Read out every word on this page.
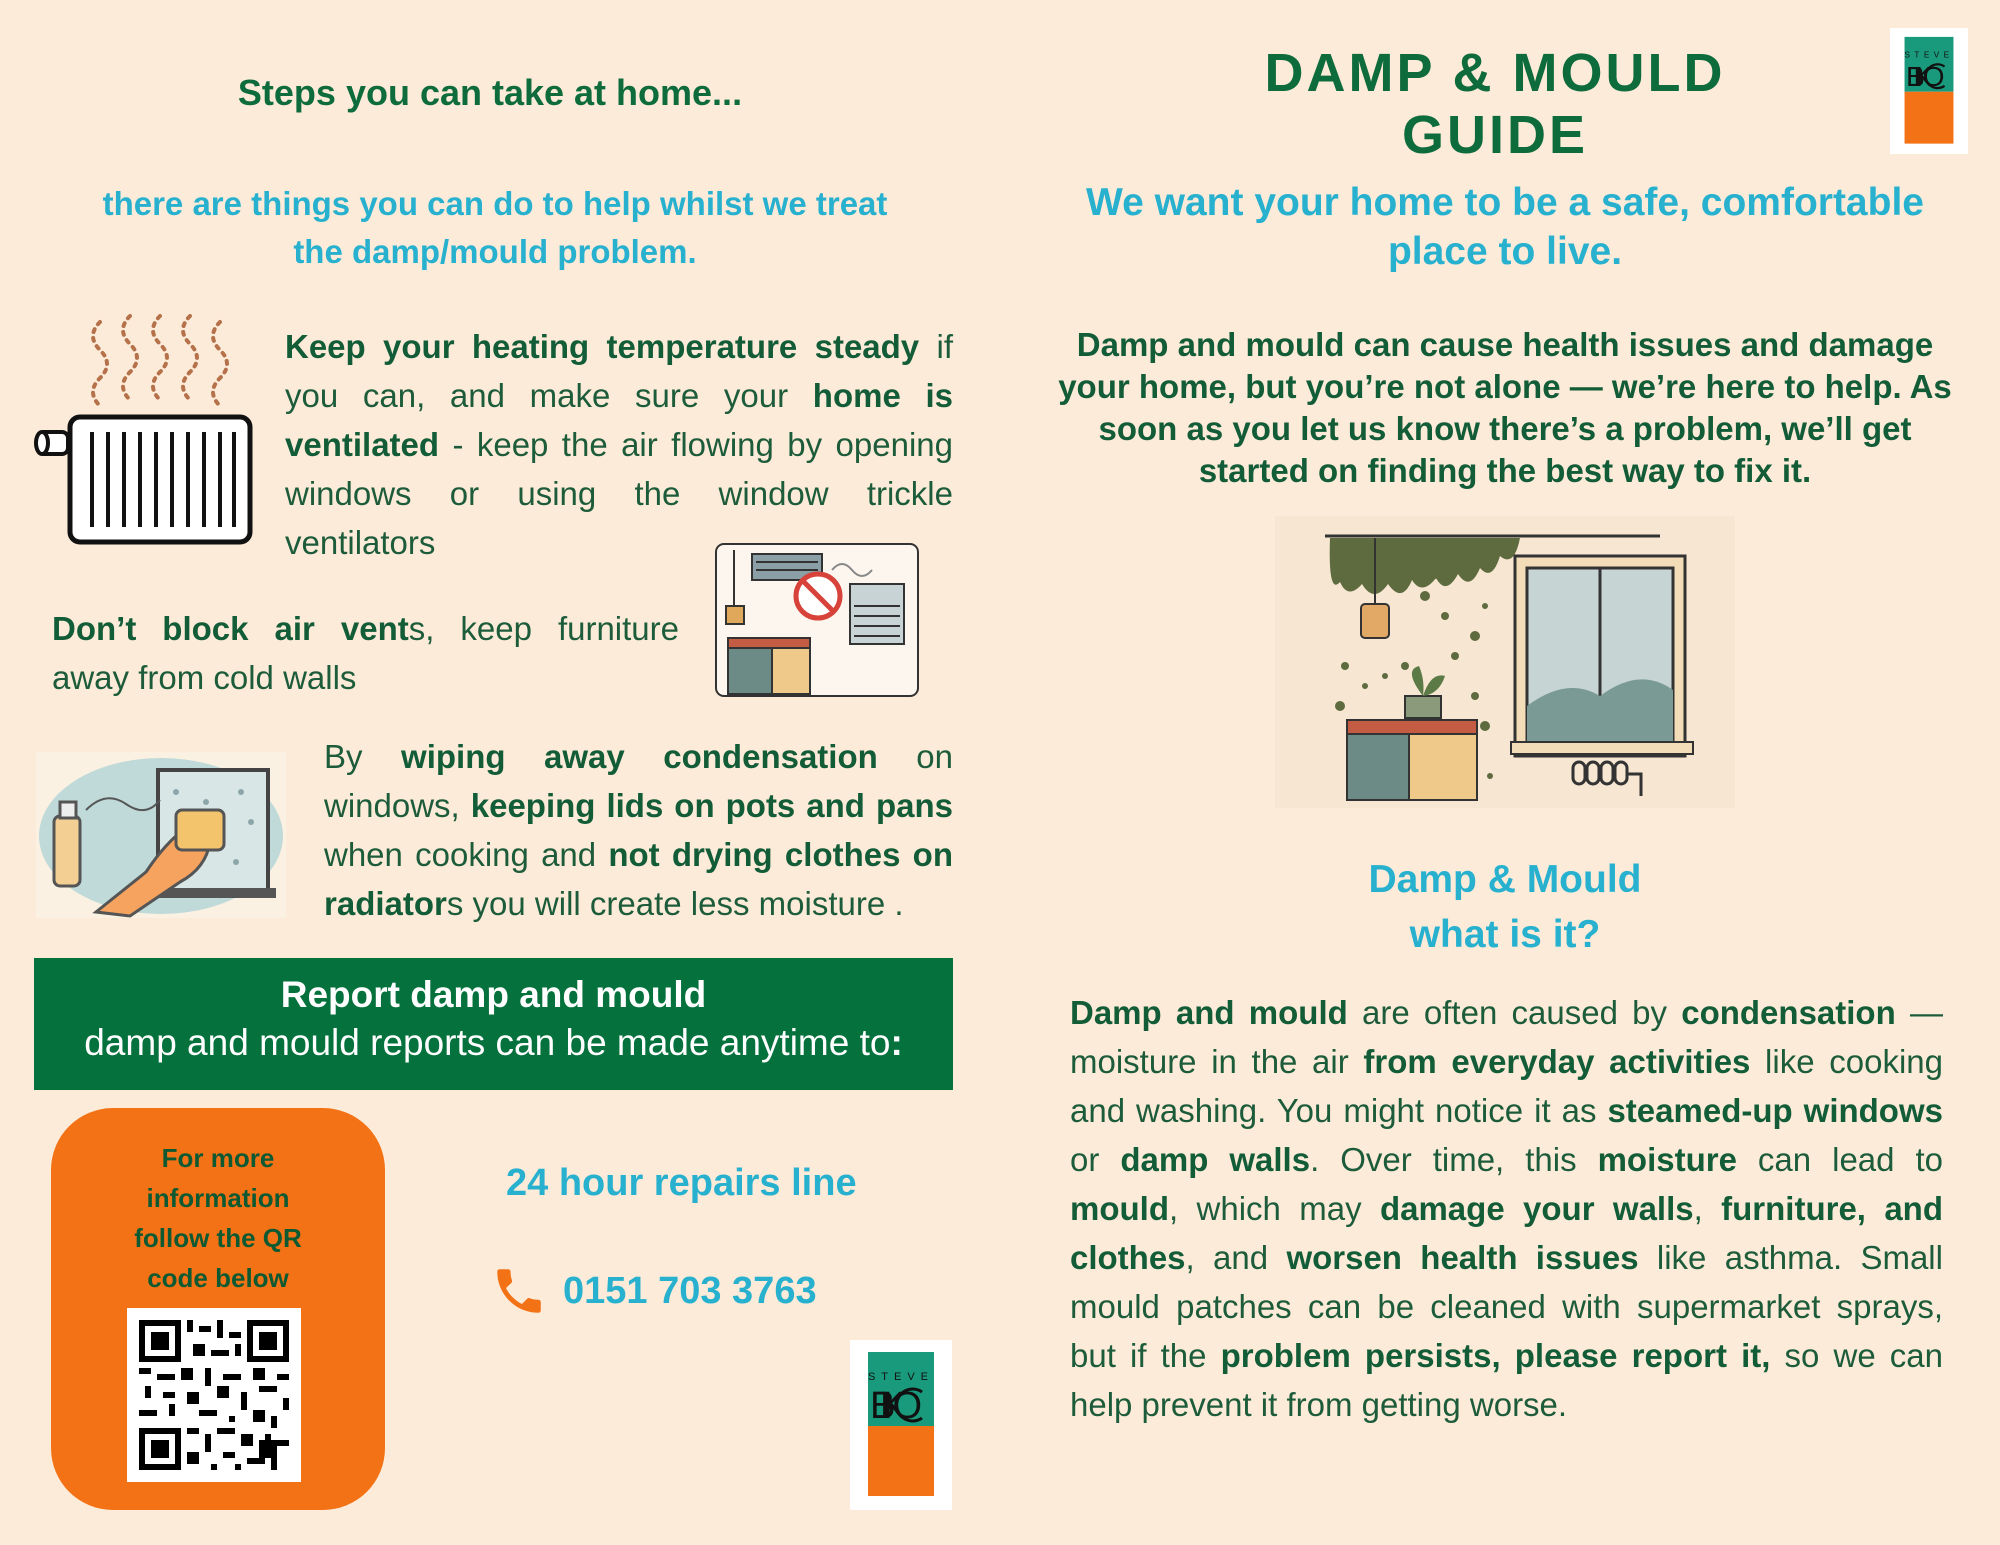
Steps you can take at home...
there are things you can do to help whilst we treat the damp/mould problem.
Keep your heating temperature steady if you can, and make sure your home is ventilated - keep the air flowing by opening windows or using the window trickle ventilators
Don’t block air vents, keep furniture away from cold walls
By wiping away condensation on windows, keeping lids on pots and pans when cooking and not drying clothes on radiators you will create less moisture .
Report damp and mould
damp and mould reports can be made anytime to:
For more information follow the QR code below
24 hour repairs line
0151 703 3763
STEVE
BIKO
DAMP & MOULD GUIDE
STEVE
BIKO
We want your home to be a safe, comfortable place to live.
Damp and mould can cause health issues and damage your home, but you’re not alone — we’re here to help. As soon as you let us know there’s a problem, we’ll get started on finding the best way to fix it.
Damp & Mould
what is it?
Damp and mould are often caused by condensation — moisture in the air from everyday activities like cooking and washing. You might notice it as steamed-up windows or damp walls. Over time, this moisture can lead to mould, which may damage your walls, furniture, and clothes, and worsen health issues like asthma. Small mould patches can be cleaned with supermarket sprays, but if the problem persists, please report it, so we can help prevent it from getting worse.
